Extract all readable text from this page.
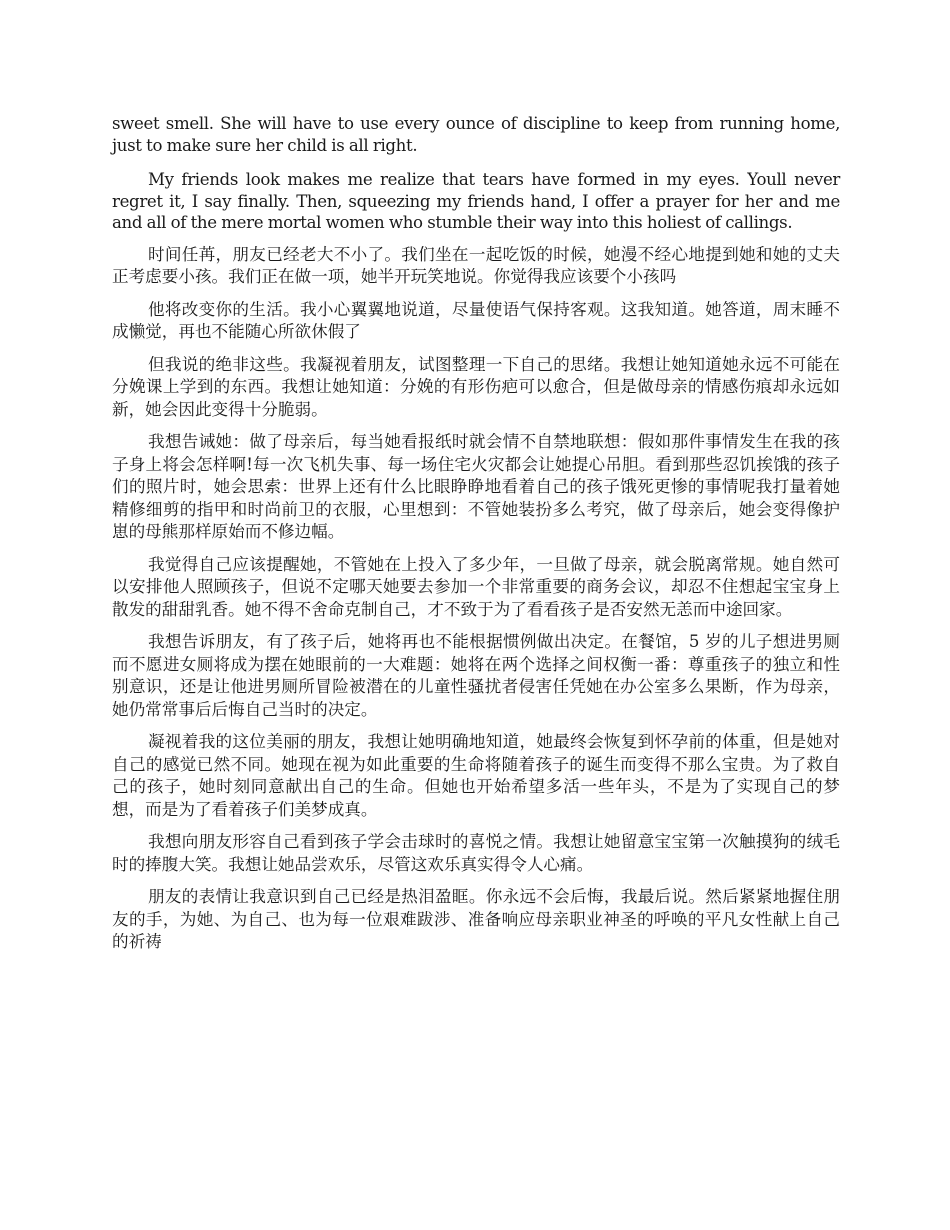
sweet smell. She will have to use every ounce of discipline to keep from running home, just to make sure her child is all right.

My friends look makes me realize that tears have formed in my eyes. Youll never regret it, I say finally. Then, squeezing my friends hand, I offer a prayer for her and me and all of the mere mortal women who stumble their way into this holiest of callings.

时间任苒，朋友已经老大不小了。我们坐在一起吃饭的时候，她漫不经心地提到她和她的丈夫正考虑要小孩。我们正在做一项，她半开玩笑地说。你觉得我应该要个小孩吗

他将改变你的生活。我小心翼翼地说道，尽量使语气保持客观。这我知道。她答道，周末睡不成懒觉，再也不能随心所欲休假了

但我说的绝非这些。我凝视着朋友，试图整理一下自己的思绪。我想让她知道她永远不可能在分娩课上学到的东西。我想让她知道：分娩的有形伤疤可以愈合，但是做母亲的情感伤痕却永远如新，她会因此变得十分脆弱。

我想告诫她：做了母亲后，每当她看报纸时就会情不自禁地联想：假如那件事情发生在我的孩子身上将会怎样啊!每一次飞机失事、每一场住宅火灾都会让她提心吊胆。看到那些忍饥挨饿的孩子们的照片时，她会思索：世界上还有什么比眼睁睁地看着自己的孩子饿死更惨的事情呢我打量着她精修细剪的指甲和时尚前卫的衣服，心里想到：不管她装扮多么考究，做了母亲后，她会变得像护崽的母熊那样原始而不修边幅。

我觉得自己应该提醒她，不管她在上投入了多少年，一旦做了母亲，就会脱离常规。她自然可以安排他人照顾孩子，但说不定哪天她要去参加一个非常重要的商务会议，却忍不住想起宝宝身上散发的甜甜乳香。她不得不舍命克制自己，才不致于为了看看孩子是否安然无恙而中途回家。

我想告诉朋友，有了孩子后，她将再也不能根据惯例做出决定。在餐馆，5 岁的儿子想进男厕而不愿进女厕将成为摆在她眼前的一大难题：她将在两个选择之间权衡一番：尊重孩子的独立和性别意识，还是让他进男厕所冒险被潜在的儿童性骚扰者侵害任凭她在办公室多么果断，作为母亲，她仍常常事后后悔自己当时的决定。

凝视着我的这位美丽的朋友，我想让她明确地知道，她最终会恢复到怀孕前的体重，但是她对自己的感觉已然不同。她现在视为如此重要的生命将随着孩子的诞生而变得不那么宝贵。为了救自己的孩子，她时刻同意献出自己的生命。但她也开始希望多活一些年头，不是为了实现自己的梦想，而是为了看着孩子们美梦成真。

我想向朋友形容自己看到孩子学会击球时的喜悦之情。我想让她留意宝宝第一次触摸狗的绒毛时的捧腹大笑。我想让她品尝欢乐，尽管这欢乐真实得令人心痛。

朋友的表情让我意识到自己已经是热泪盈眶。你永远不会后悔，我最后说。然后紧紧地握住朋友的手，为她、为自己、也为每一位艰难跋涉、准备响应母亲职业神圣的呼唤的平凡女性献上自己的祈祷
